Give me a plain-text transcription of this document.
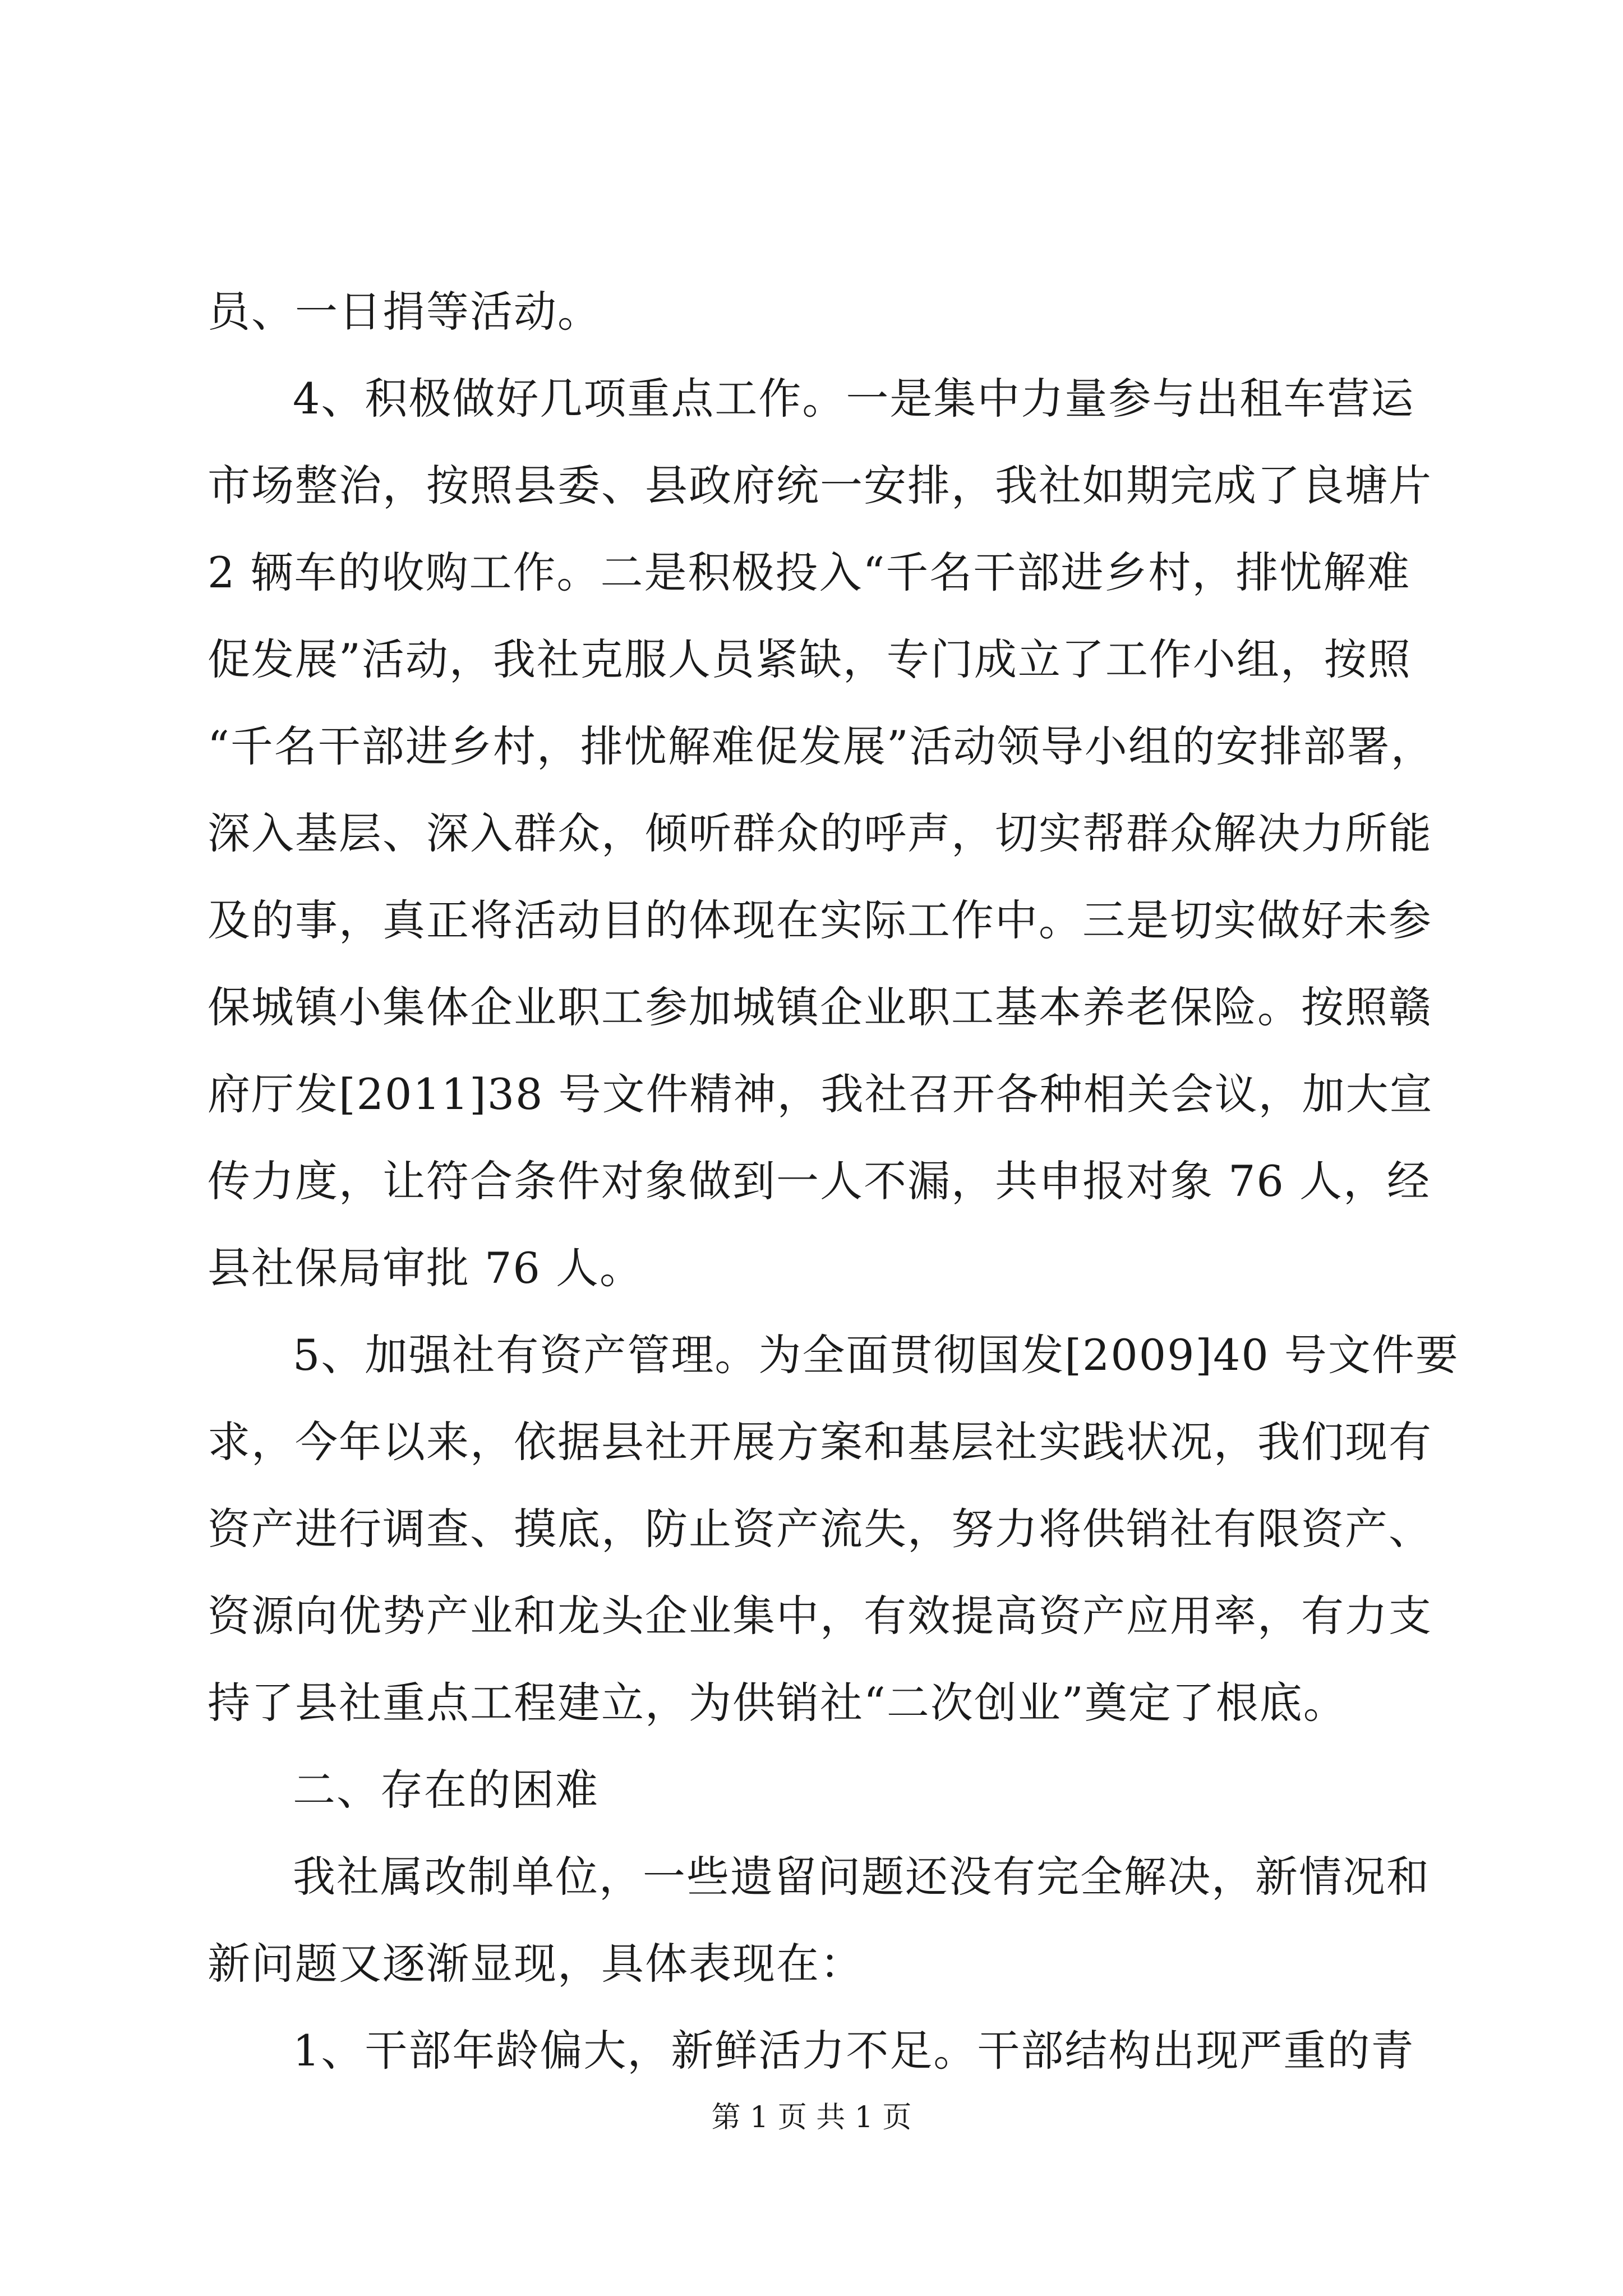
员、一日捐等活动。
4、积极做好几项重点工作。一是集中力量参与出租车营运
市场整治，按照县委、县政府统一安排，我社如期完成了良塘片
2 辆车的收购工作。二是积极投入“千名干部进乡村，排忧解难
促发展”活动，我社克服人员紧缺，专门成立了工作小组，按照
“千名干部进乡村，排忧解难促发展”活动领导小组的安排部署，
深入基层、深入群众，倾听群众的呼声，切实帮群众解决力所能
及的事，真正将活动目的体现在实际工作中。三是切实做好未参
保城镇小集体企业职工参加城镇企业职工基本养老保险。按照赣
府厅发[2011]38 号文件精神，我社召开各种相关会议，加大宣
传力度，让符合条件对象做到一人不漏，共申报对象 76 人，经
县社保局审批 76 人。
5、加强社有资产管理。为全面贯彻国发[2009]40 号文件要
求，今年以来，依据县社开展方案和基层社实践状况，我们现有
资产进行调查、摸底，防止资产流失，努力将供销社有限资产、
资源向优势产业和龙头企业集中，有效提高资产应用率，有力支
持了县社重点工程建立，为供销社“二次创业”奠定了根底。
二、存在的困难
我社属改制单位，一些遗留问题还没有完全解决，新情况和
新问题又逐渐显现，具体表现在：
1、干部年龄偏大，新鲜活力不足。干部结构出现严重的青
第 1 页 共 1 页
